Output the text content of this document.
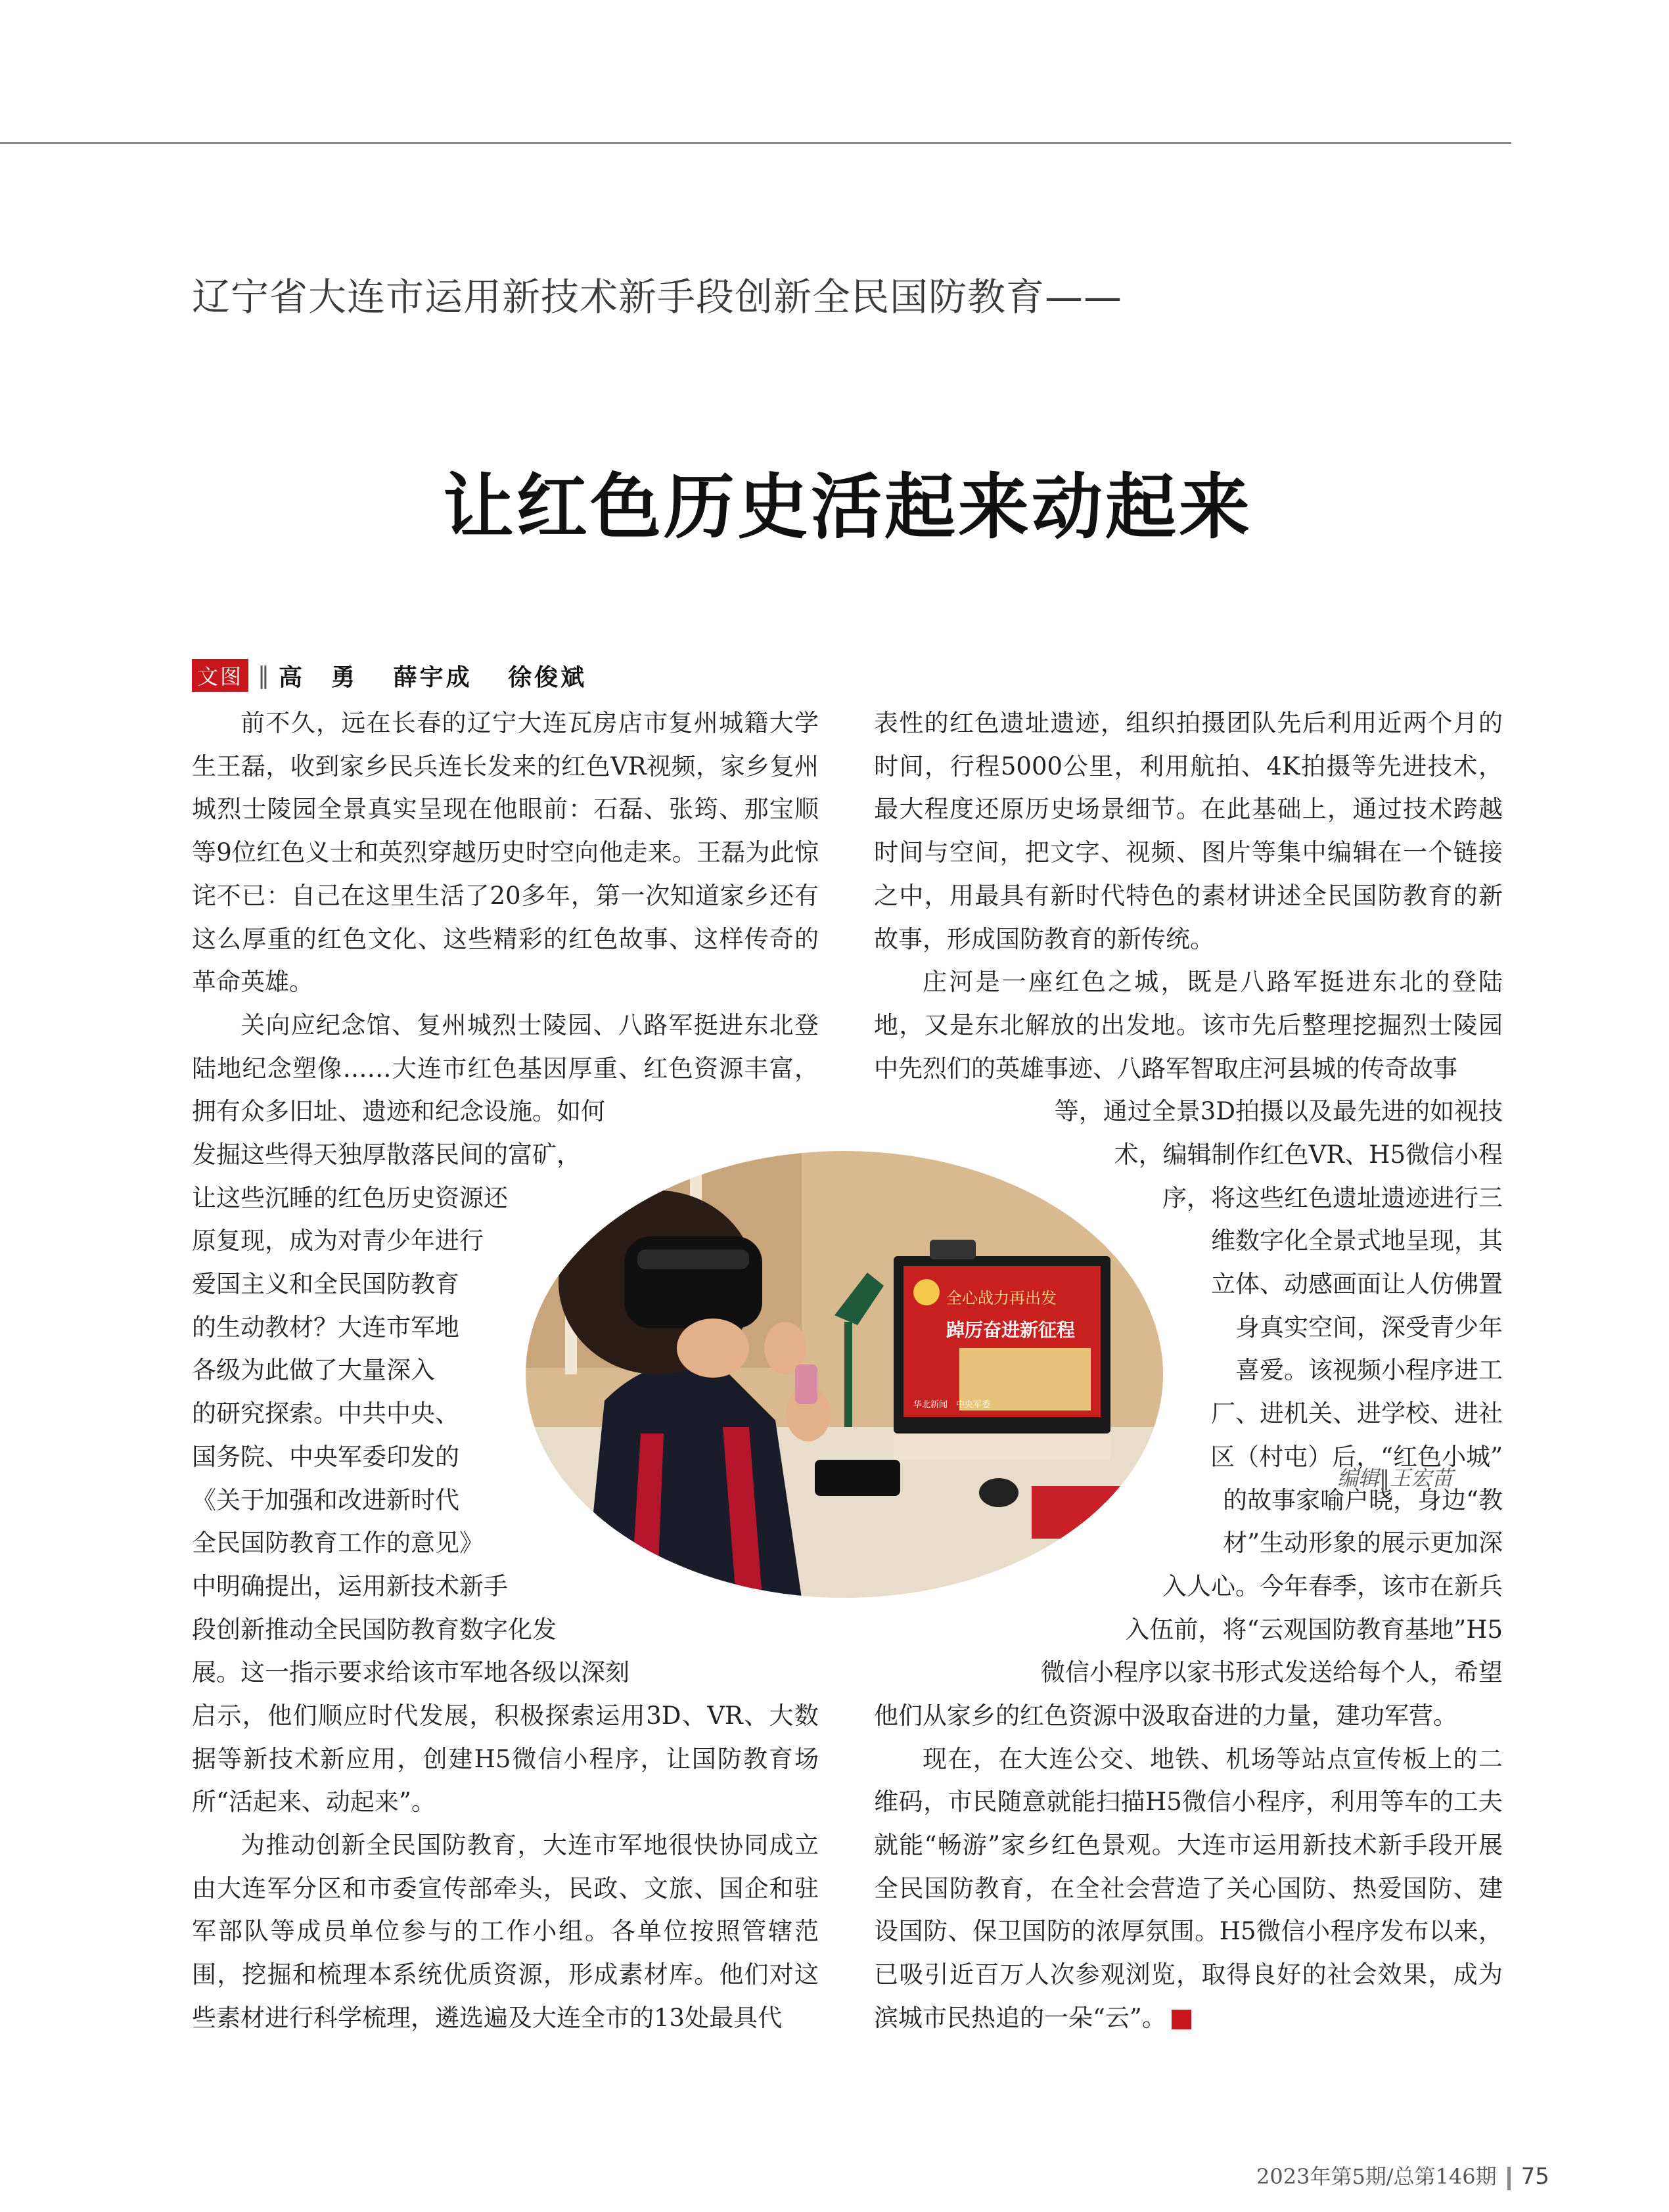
辽宁省大连市运用新技术新手段创新全民国防教育——
让红色历史活起来动起来
文图 ‖ 高　勇 薛宇成 徐俊斌

前不久，远在长春的辽宁大连瓦房店市复州城籍大学生王磊，收到家乡民兵连长发来的红色VR视频，家乡复州城烈士陵园全景真实呈现在他眼前：石磊、张筠、那宝顺等9位红色义士和英烈穿越历史时空向他走来。王磊为此惊诧不已：自己在这里生活了20多年，第一次知道家乡还有这么厚重的红色文化、这些精彩的红色故事、这样传奇的革命英雄。

关向应纪念馆、复州城烈士陵园、八路军挺进东北登陆地纪念塑像……大连市红色基因厚重、红色资源丰富，拥有众多旧址、遗迹和纪念设施。如何

发掘这些得天独厚散落民间的富矿，
让这些沉睡的红色历史资源还
原复现，成为对青少年进行
爱国主义和全民国防教育
的生动教材？大连市军地
各级为此做了大量深入
的研究探索。中共中央、
国务院、中央军委印发的
《关于加强和改进新时代
全民国防教育工作的意见》
中明确提出，运用新技术新手
段创新推动全民国防教育数字化发
展。这一指示要求给该市军地各级以深刻

启示，他们顺应时代发展，积极探索运用3D、VR、大数据等新技术新应用，创建H5微信小程序，让国防教育场所“活起来、动起来”。

为推动创新全民国防教育，大连市军地很快协同成立由大连军分区和市委宣传部牵头，民政、文旅、国企和驻军部队等成员单位参与的工作小组。各单位按照管辖范围，挖掘和梳理本系统优质资源，形成素材库。他们对这些素材进行科学梳理，遴选遍及大连全市的13处最具代

表性的红色遗址遗迹，组织拍摄团队先后利用近两个月的时间，行程5000公里，利用航拍、4K拍摄等先进技术，最大程度还原历史场景细节。在此基础上，通过技术跨越时间与空间，把文字、视频、图片等集中编辑在一个链接之中，用最具有新时代特色的素材讲述全民国防教育的新故事，形成国防教育的新传统。

庄河是一座红色之城，既是八路军挺进东北的登陆地，又是东北解放的出发地。该市先后整理挖掘烈士陵园中先烈们的英雄事迹、八路军智取庄河县城的传奇故事

等，通过全景3D拍摄以及最先进的如视技
术，编辑制作红色VR、H5微信小程
序，将这些红色遗址遗迹进行三
维数字化全景式地呈现，其
立体、动感画面让人仿佛置
身真实空间，深受青少年
喜爱。该视频小程序进工
厂、进机关、进学校、进社
区（村屯）后，“红色小城”
的故事家喻户晓，身边“教
材”生动形象的展示更加深
入人心。今年春季，该市在新兵
入伍前，将“云观国防教育基地”H5
微信小程序以家书形式发送给每个人，希望

他们从家乡的红色资源中汲取奋进的力量，建功军营。

现在，在大连公交、地铁、机场等站点宣传板上的二维码，市民随意就能扫描H5微信小程序，利用等车的工夫就能“畅游”家乡红色景观。大连市运用新技术新手段开展全民国防教育，在全社会营造了关心国防、热爱国防、建设国防、保卫国防的浓厚氛围。H5微信小程序发布以来，已吸引近百万人次参观浏览，取得良好的社会效果，成为滨城市民热追的一朵“云”。	G

全心战力再出发
踔厉奋进新征程
华北新闻　中央军委
编辑‖王宏苗
2023年第5期/总第146期 75
